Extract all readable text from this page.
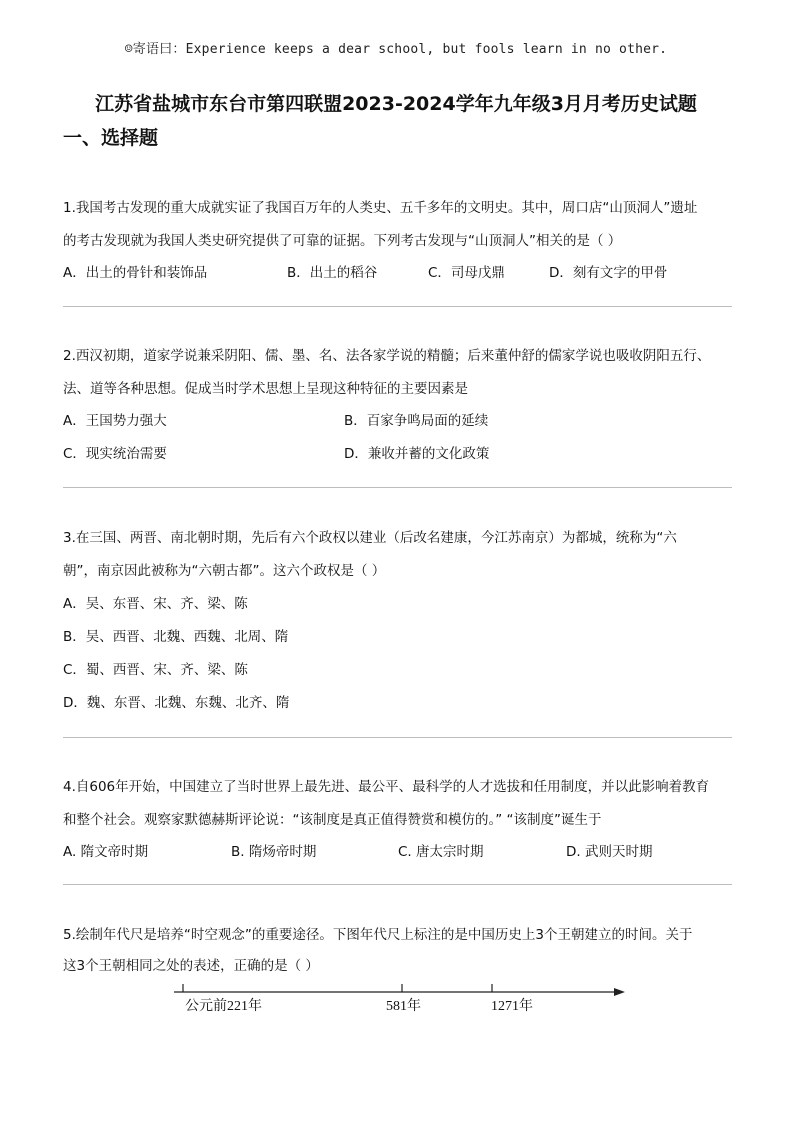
☺寄语曰：Experience keeps a dear school, but fools learn in no other.
江苏省盐城市东台市第四联盟2023-2024学年九年级3月月考历史试题
一、选择题
1.我国考古发现的重大成就实证了我国百万年的人类史、五千多年的文明史。其中，周口店“山顶洞人”遗址
的考古发现就为我国人类史研究提供了可靠的证据。下列考古发现与“山顶洞人”相关的是（ ）
A．出土的骨针和装饰品	B．出土的稻谷	C．司母戊鼎	D．刻有文字的甲骨
2.西汉初期，道家学说兼采阴阳、儒、墨、名、法各家学说的精髓；后来董仲舒的儒家学说也吸收阴阳五行、
法、道等各种思想。促成当时学术思想上呈现这种特征的主要因素是
A．王国势力强大	B．百家争鸣局面的延续
C．现实统治需要	D．兼收并蓄的文化政策
3.在三国、两晋、南北朝时期，先后有六个政权以建业（后改名建康，今江苏南京）为都城，统称为“六
朝”，南京因此被称为“六朝古都”。这六个政权是（ ）
A．吴、东晋、宋、齐、梁、陈
B．吴、西晋、北魏、西魏、北周、隋
C．蜀、西晋、宋、齐、梁、陈
D．魏、东晋、北魏、东魏、北齐、隋
4.自606年开始，中国建立了当时世界上最先进、最公平、最科学的人才选拔和任用制度，并以此影响着教育
和整个社会。观察家默德赫斯评论说：“该制度是真正值得赞赏和模仿的。” “该制度”诞生于
A. 隋文帝时期	B. 隋炀帝时期	C. 唐太宗时期	D. 武则天时期
5.绘制年代尺是培养“时空观念”的重要途径。下图年代尺上标注的是中国历史上3个王朝建立的时间。关于
这3个王朝相同之处的表述，正确的是（ ）
公元前221年	581年	1271年
